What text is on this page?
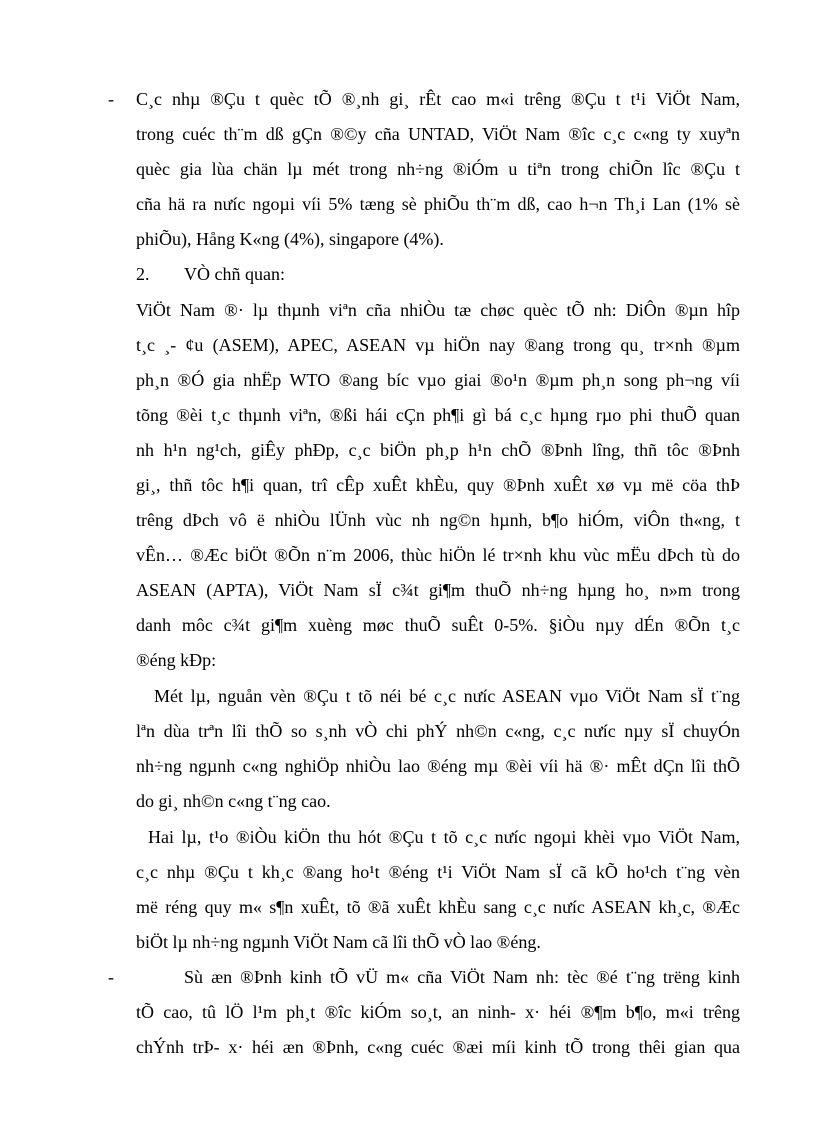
C¸c nhµ ®Çu t quèc tÕ ®¸nh gi¸ rÊt cao m«i trêng ®Çu t t¹i ViÖt Nam,
-
trong cuéc th¨m dß gÇn ®©y cña UNTAD, ViÖt Nam ®îc c¸c c«ng ty xuyªn
quèc gia lùa chän lµ mét trong nh÷ng ®iÓm u tiªn trong chiÕn lîc ®Çu t
cña hä ra nưíc ngoµi víi 5% tæng sè phiÕu th¨m dß, cao h¬n Th¸i Lan (1% sè
phiÕu), Hång K«ng (4%), singapore (4%).
2.	VÒ chñ quan:
ViÖt Nam ®· lµ thµnh viªn cña nhiÒu tæ chøc quèc tÕ nh: DiÔn ®µn hîp
t¸c ¸- ¢u (ASEM), APEC, ASEAN vµ hiÖn nay ®ang trong qu¸ tr×nh ®µm
ph¸n ®Ó gia nhËp WTO ®ang bíc vµo giai ®o¹n ®µm ph¸n song ph¬ng víi
tõng ®èi t¸c thµnh viªn, ®ßi hái cÇn ph¶i gì bá c¸c hµng rµo phi thuÕ quan
nh h¹n ng¹ch, giÊy phÐp, c¸c biÖn ph¸p h¹n chÕ ®Þnh lîng, thñ tôc ®Þnh
gi¸, thñ tôc h¶i quan, trî cÊp xuÊt khÈu, quy ®Þnh xuÊt xø vµ më cöa thÞ
trêng dÞch vô ë nhiÒu lÜnh vùc nh ng©n hµnh, b¶o hiÓm, viÔn th«ng, t
vÊn… ®Æc biÖt ®Õn n¨m 2006, thùc hiÖn lé tr×nh khu vùc mËu dÞch tù do
ASEAN (APTA), ViÖt Nam sÏ c¾t gi¶m thuÕ nh÷ng hµng ho¸ n»m trong
danh môc c¾t gi¶m xuèng møc thuÕ suÊt 0-5%. §iÒu nµy dÉn ®Õn t¸c
®éng kÐp:
Mét lµ, nguån vèn ®Çu t tõ néi bé c¸c nưíc ASEAN vµo ViÖt Nam sÏ t¨ng
lªn dùa trªn lîi thÕ so s¸nh vÒ chi phÝ nh©n c«ng, c¸c nưíc nµy sÏ chuyÓn
nh÷ng ngµnh c«ng nghiÖp nhiÒu lao ®éng mµ ®èi víi hä ®· mÊt dÇn lîi thÕ
do gi¸ nh©n c«ng t¨ng cao.
Hai lµ, t¹o ®iÒu kiÖn thu hót ®Çu t tõ c¸c nưíc ngoµi khèi vµo ViÖt Nam,
c¸c nhµ ®Çu t kh¸c ®ang ho¹t ®éng t¹i ViÖt Nam sÏ cã kÕ ho¹ch t¨ng vèn
më réng quy m« s¶n xuÊt, tõ ®ã xuÊt khÈu sang c¸c nưíc ASEAN kh¸c, ®Æc
biÖt lµ nh÷ng ngµnh ViÖt Nam cã lîi thÕ vÒ lao ®éng.
-	Sù æn ®Þnh kinh tÕ vÜ m« cña ViÖt Nam nh: tèc ®é t¨ng trëng kinh
tÕ cao, tû lÖ l¹m ph¸t ®îc kiÓm so¸t, an ninh- x· héi ®¶m b¶o, m«i trêng
chÝnh trÞ- x· héi æn ®Þnh, c«ng cuéc ®æi míi kinh tÕ trong thêi gian qua
